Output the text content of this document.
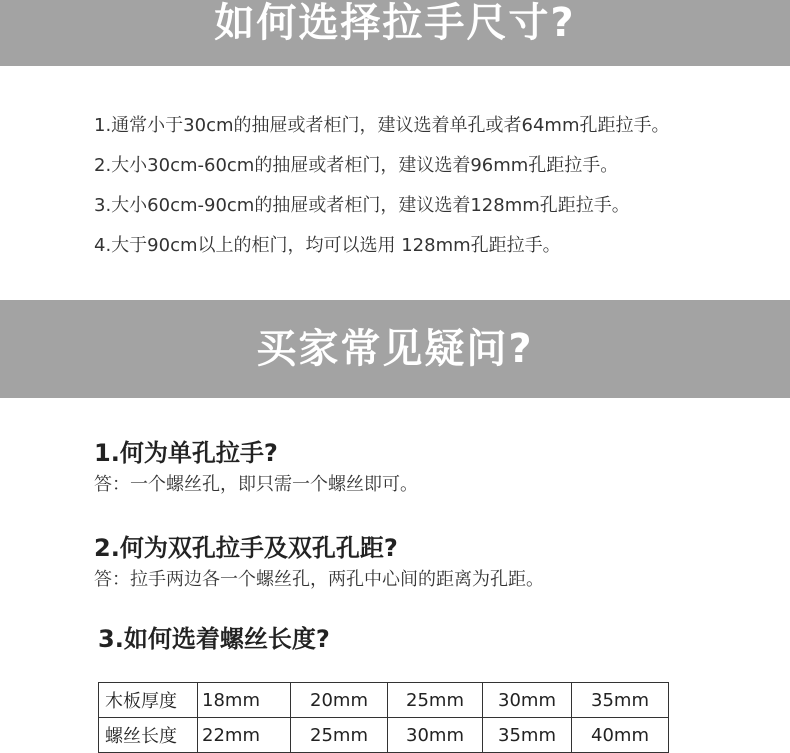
如何选择拉手尺寸?
1.通常小于30cm的抽屉或者柜门，建议选着单孔或者64mm孔距拉手。
2.大小30cm-60cm的抽屉或者柜门，建议选着96mm孔距拉手。
3.大小60cm-90cm的抽屉或者柜门，建议选着128mm孔距拉手。
4.大于90cm以上的柜门，均可以选用 128mm孔距拉手。
买家常见疑问?
1.何为单孔拉手?
答：一个螺丝孔，即只需一个螺丝即可。
2.何为双孔拉手及双孔孔距?
答：拉手两边各一个螺丝孔，两孔中心间的距离为孔距。
3.如何选着螺丝长度?
木板厚度	18mm	20mm	25mm	30mm	35mm
螺丝长度	22mm	25mm	30mm	35mm	40mm
